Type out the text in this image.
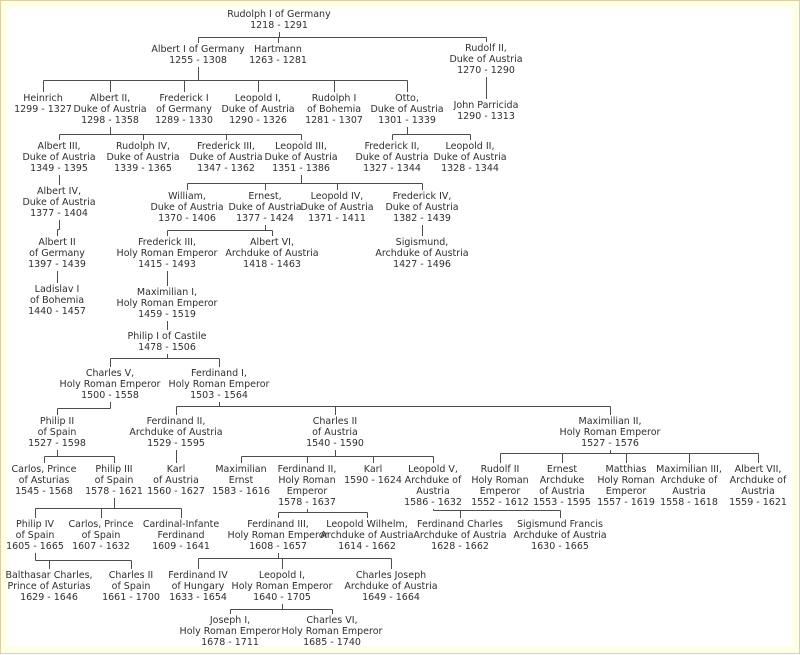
Rudolph I of Germany
1218 - 1291
Albert I of Germany
1255 - 1308
Hartmann
1263 - 1281
Rudolf II,
Duke of Austria
1270 - 1290
Heinrich
1299 - 1327
Albert II,
Duke of Austria
1298 - 1358
Frederick I
of Germany
1289 - 1330
Leopold I,
Duke of Austria
1290 - 1326
Rudolph I
of Bohemia
1281 - 1307
Otto,
Duke of Austria
1301 - 1339
John Parricida
1290 - 1313
Albert III,
Duke of Austria
1349 - 1395
Rudolph IV,
Duke of Austria
1339 - 1365
Frederick III,
Duke of Austria
1347 - 1362
Leopold III,
Duke of Austria
1351 - 1386
Frederick II,
Duke of Austria
1327 - 1344
Leopold II,
Duke of Austria
1328 - 1344
Albert IV,
Duke of Austria
1377 - 1404
William,
Duke of Austria
1370 - 1406
Ernest,
Duke of Austria
1377 - 1424
Leopold IV,
Duke of Austria
1371 - 1411
Frederick IV,
Duke of Austria
1382 - 1439
Albert II
of Germany
1397 - 1439
Frederick III,
Holy Roman Emperor
1415 - 1493
Albert VI,
Archduke of Austria
1418 - 1463
Sigismund,
Archduke of Austria
1427 - 1496
Ladislav I
of Bohemia
1440 - 1457
Maximilian I,
Holy Roman Emperor
1459 - 1519
Philip I of Castile
1478 - 1506
Charles V,
Holy Roman Emperor
1500 - 1558
Ferdinand I,
Holy Roman Emperor
1503 - 1564
Philip II
of Spain
1527 - 1598
Ferdinand II,
Archduke of Austria
1529 - 1595
Charles II
of Austria
1540 - 1590
Maximilian II,
Holy Roman Emperor
1527 - 1576
Carlos, Prince
of Asturias
1545 - 1568
Philip III
of Spain
1578 - 1621
Karl
of Austria
1560 - 1627
Maximilian
Ernst
1583 - 1616
Ferdinand II,
Holy Roman
Emperor
1578 - 1637
Karl
1590 - 1624
Leopold V,
Archduke of
Austria
1586 - 1632
Rudolf II
Holy Roman
Emperor
1552 - 1612
Ernest
Archduke
of Austria
1553 - 1595
Matthias
Holy Roman
Emperor
1557 - 1619
Maximilian III,
Archduke of
Austria
1558 - 1618
Albert VII,
Archduke of
Austria
1559 - 1621
Philip IV
of Spain
1605 - 1665
Carlos, Prince
of Spain
1607 - 1632
Cardinal-Infante
Ferdinand
1609 - 1641
Ferdinand III,
Holy Roman Emperor
1608 - 1657
Leopold Wilhelm,
Archduke of Austria
1614 - 1662
Ferdinand Charles
Archduke of Austria
1628 - 1662
Sigismund Francis
Archduke of Austria
1630 - 1665
Balthasar Charles,
Prince of Asturias
1629 - 1646
Charles II
of Spain
1661 - 1700
Ferdinand IV
of Hungary
1633 - 1654
Leopold I,
Holy Roman Emperor
1640 - 1705
Charles Joseph
Archduke of Austria
1649 - 1664
Joseph I,
Holy Roman Emperor
1678 - 1711
Charles VI,
Holy Roman Emperor
1685 - 1740
